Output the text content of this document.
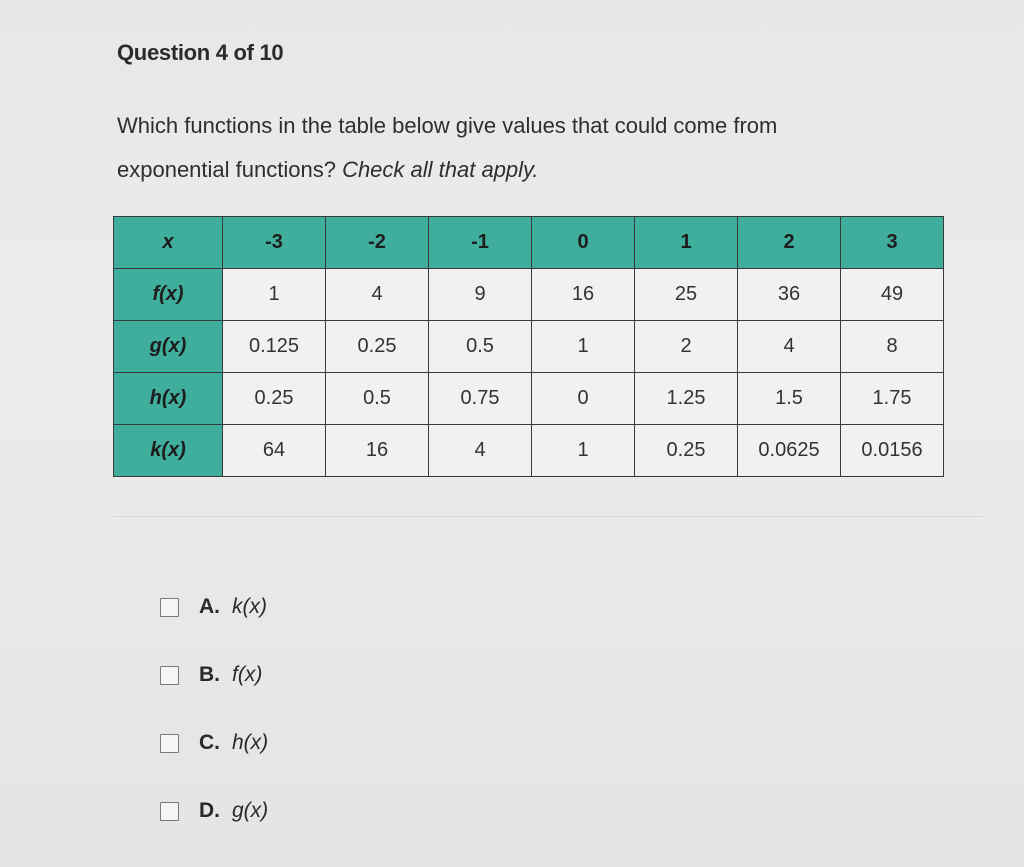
Question 4 of 10
Which functions in the table below give values that could come from exponential functions? Check all that apply.
x	-3	-2	-1	0	1	2	3
f(x)	1	4	9	16	25	36	49
g(x)	0.125	0.25	0.5	1	2	4	8
h(x)	0.25	0.5	0.75	0	1.25	1.5	1.75
k(x)	64	16	4	1	0.25	0.0625	0.0156
A. k(x)
B. f(x)
C. h(x)
D. g(x)
